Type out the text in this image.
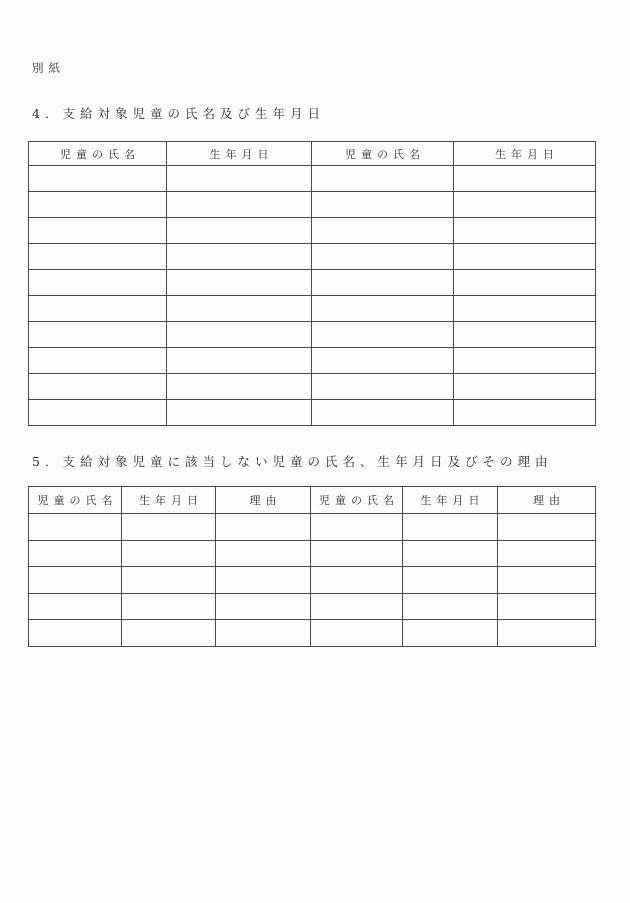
別紙
4．支給対象児童の氏名及び生年月日
児童の氏名	生年月日	児童の氏名	生年月日

5．支給対象児童に該当しない児童の氏名、生年月日及びその理由
児童の氏名	生年月日	理由	児童の氏名	生年月日	理由
